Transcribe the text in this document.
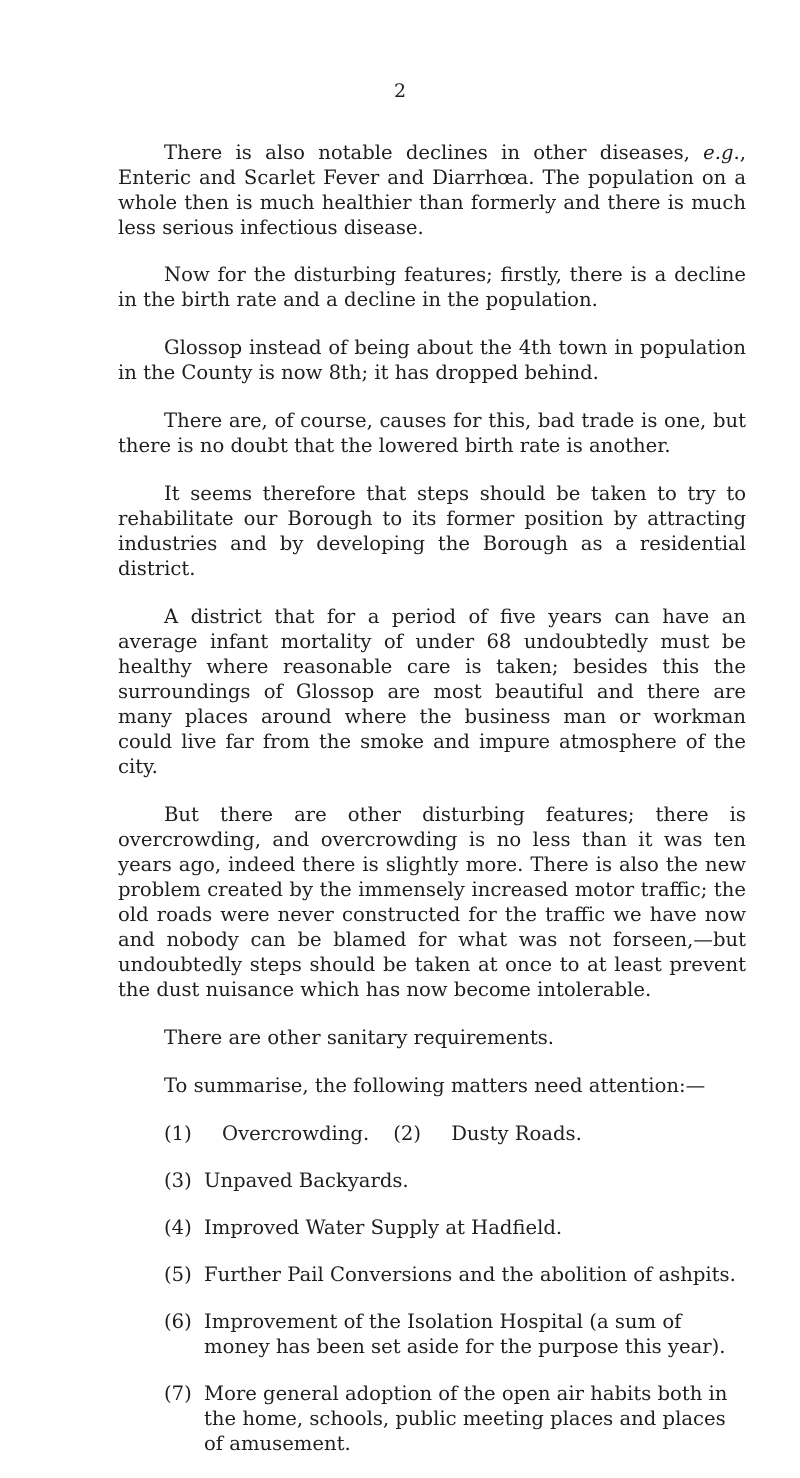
2

There is also notable declines in other diseases, e.g., Enteric and Scarlet Fever and Diarrhœa. The population on a whole then is much healthier than formerly and there is much less serious infectious disease.

Now for the disturbing features; firstly, there is a decline in the birth rate and a decline in the population.

Glossop instead of being about the 4th town in population in the County is now 8th; it has dropped behind.

There are, of course, causes for this, bad trade is one, but there is no doubt that the lowered birth rate is another.

It seems therefore that steps should be taken to try to rehabilitate our Borough to its former position by attracting industries and by developing the Borough as a residential district.

A district that for a period of five years can have an average infant mortality of under 68 undoubtedly must be healthy where reasonable care is taken; besides this the surroundings of Glossop are most beautiful and there are many places around where the business man or workman could live far from the smoke and impure atmosphere of the city.

But there are other disturbing features; there is overcrowding, and overcrowding is no less than it was ten years ago, indeed there is slightly more. There is also the new problem created by the immensely increased motor traffic; the old roads were never constructed for the traffic we have now and nobody can be blamed for what was not forseen,—but undoubtedly steps should be taken at once to at least prevent the dust nuisance which has now become intolerable.

There are other sanitary requirements.

To summarise, the following matters need attention:—

(1) Overcrowding. (2) Dusty Roads.
(3) Unpaved Backyards.
(4) Improved Water Supply at Hadfield.
(5) Further Pail Conversions and the abolition of ashpits.
(6) Improvement of the Isolation Hospital (a sum of money has been set aside for the purpose this year).
(7) More general adoption of the open air habits both in the home, schools, public meeting places and places of amusement.
